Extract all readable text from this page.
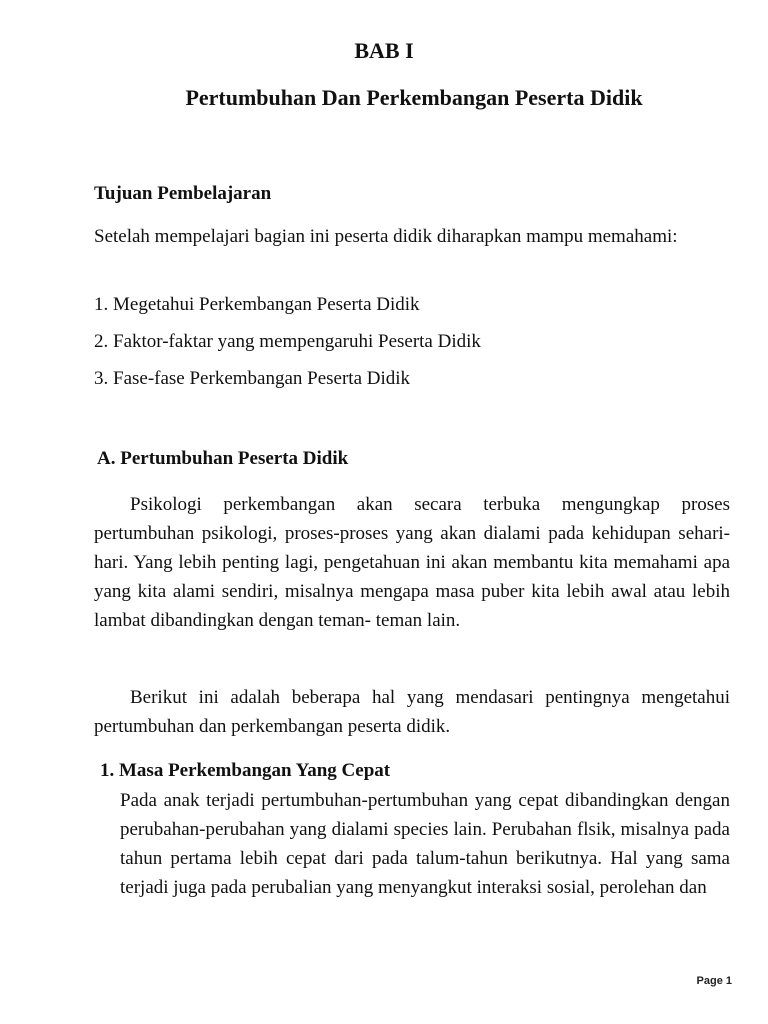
BAB I
Pertumbuhan Dan Perkembangan Peserta Didik
Tujuan Pembelajaran

Setelah mempelajari bagian ini peserta didik diharapkan mampu memahami:

1. Megetahui Perkembangan Peserta Didik
2. Faktor-faktar yang mempengaruhi Peserta Didik
3. Fase-fase Perkembangan Peserta Didik
A. Pertumbuhan Peserta Didik

Psikologi perkembangan akan secara terbuka mengungkap proses pertumbuhan psikologi, proses-proses yang akan dialami pada kehidupan sehari-hari. Yang lebih penting lagi, pengetahuan ini akan membantu kita memahami apa yang kita alami sendiri, misalnya mengapa masa puber kita lebih awal atau lebih lambat dibandingkan dengan teman- teman lain.

Berikut ini adalah beberapa hal yang mendasari pentingnya mengetahui pertumbuhan dan perkembangan peserta didik.

1. Masa Perkembangan Yang Cepat

Pada anak terjadi pertumbuhan-pertumbuhan yang cepat dibandingkan dengan perubahan-perubahan yang dialami species lain. Perubahan flsik, misalnya pada tahun pertama lebih cepat dari pada talum-tahun berikutnya. Hal yang sama terjadi juga pada perubalian yang menyangkut interaksi sosial, perolehan dan

Page 1
